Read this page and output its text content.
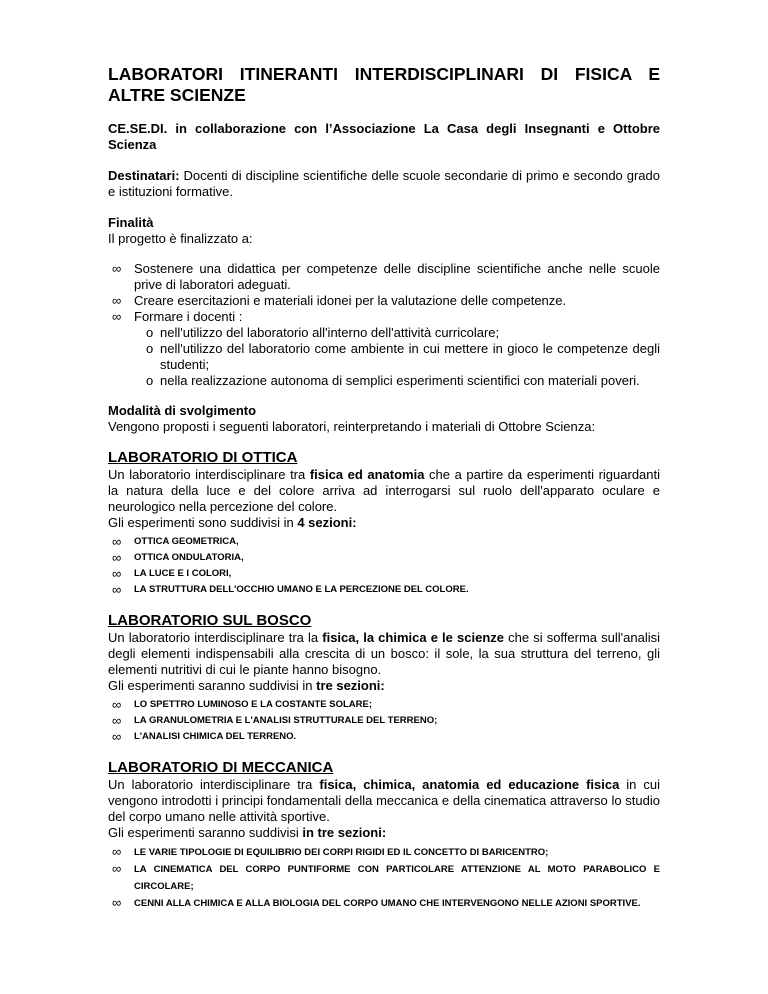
LABORATORI ITINERANTI INTERDISCIPLINARI DI FISICA E ALTRE SCIENZE

CE.SE.DI. in collaborazione con l’Associazione La Casa degli Insegnanti e Ottobre Scienza

Destinatari: Docenti di discipline scientifiche delle scuole secondarie di primo e secondo grado e istituzioni formative.

Finalità

Il progetto è finalizzato a:

∞ Sostenere una didattica per competenze delle discipline scientifiche anche nelle scuole prive di laboratori adeguati.
∞ Creare esercitazioni e materiali idonei per la valutazione delle competenze.
∞ Formare i docenti :
o nell'utilizzo del laboratorio all'interno dell'attività curricolare;
o nell'utilizzo del laboratorio come ambiente in cui mettere in gioco le competenze degli studenti;
o nella realizzazione autonoma di semplici esperimenti scientifici con materiali poveri.

Modalità di svolgimento

Vengono proposti i seguenti laboratori, reinterpretando i materiali di Ottobre Scienza:

LABORATORIO DI OTTICA

Un laboratorio interdisciplinare tra fisica ed anatomia che a partire da esperimenti riguardanti la natura della luce e del colore arriva ad interrogarsi sul ruolo dell'apparato oculare e neurologico nella percezione del colore.

Gli esperimenti sono suddivisi in 4 sezioni:

∞ OTTICA GEOMETRICA,
∞ OTTICA ONDULATORIA,
∞ LA LUCE E I COLORI,
∞ LA STRUTTURA DELL'OCCHIO UMANO E LA PERCEZIONE DEL COLORE.
LABORATORIO SUL BOSCO

Un laboratorio interdisciplinare tra la fisica, la chimica e le scienze che si sofferma sull'analisi degli elementi indispensabili alla crescita di un bosco: il sole, la sua struttura del terreno, gli elementi nutritivi di cui le piante hanno bisogno.

Gli esperimenti saranno suddivisi in tre sezioni:

∞ LO SPETTRO LUMINOSO E LA COSTANTE SOLARE;
∞ LA GRANULOMETRIA E L'ANALISI STRUTTURALE DEL TERRENO;
∞ L'ANALISI CHIMICA DEL TERRENO.
LABORATORIO DI MECCANICA

Un laboratorio interdisciplinare tra fisica, chimica, anatomia ed educazione fisica in cui vengono introdotti i principi fondamentali della meccanica e della cinematica attraverso lo studio del corpo umano nelle attività sportive.

Gli esperimenti saranno suddivisi in tre sezioni:

∞ LE VARIE TIPOLOGIE DI EQUILIBRIO DEI CORPI RIGIDI ED IL CONCETTO DI BARICENTRO;
∞ LA CINEMATICA DEL CORPO PUNTIFORME CON PARTICOLARE ATTENZIONE AL MOTO PARABOLICO E CIRCOLARE;
∞ CENNI ALLA CHIMICA E ALLA BIOLOGIA DEL CORPO UMANO CHE INTERVENGONO NELLE AZIONI SPORTIVE.
